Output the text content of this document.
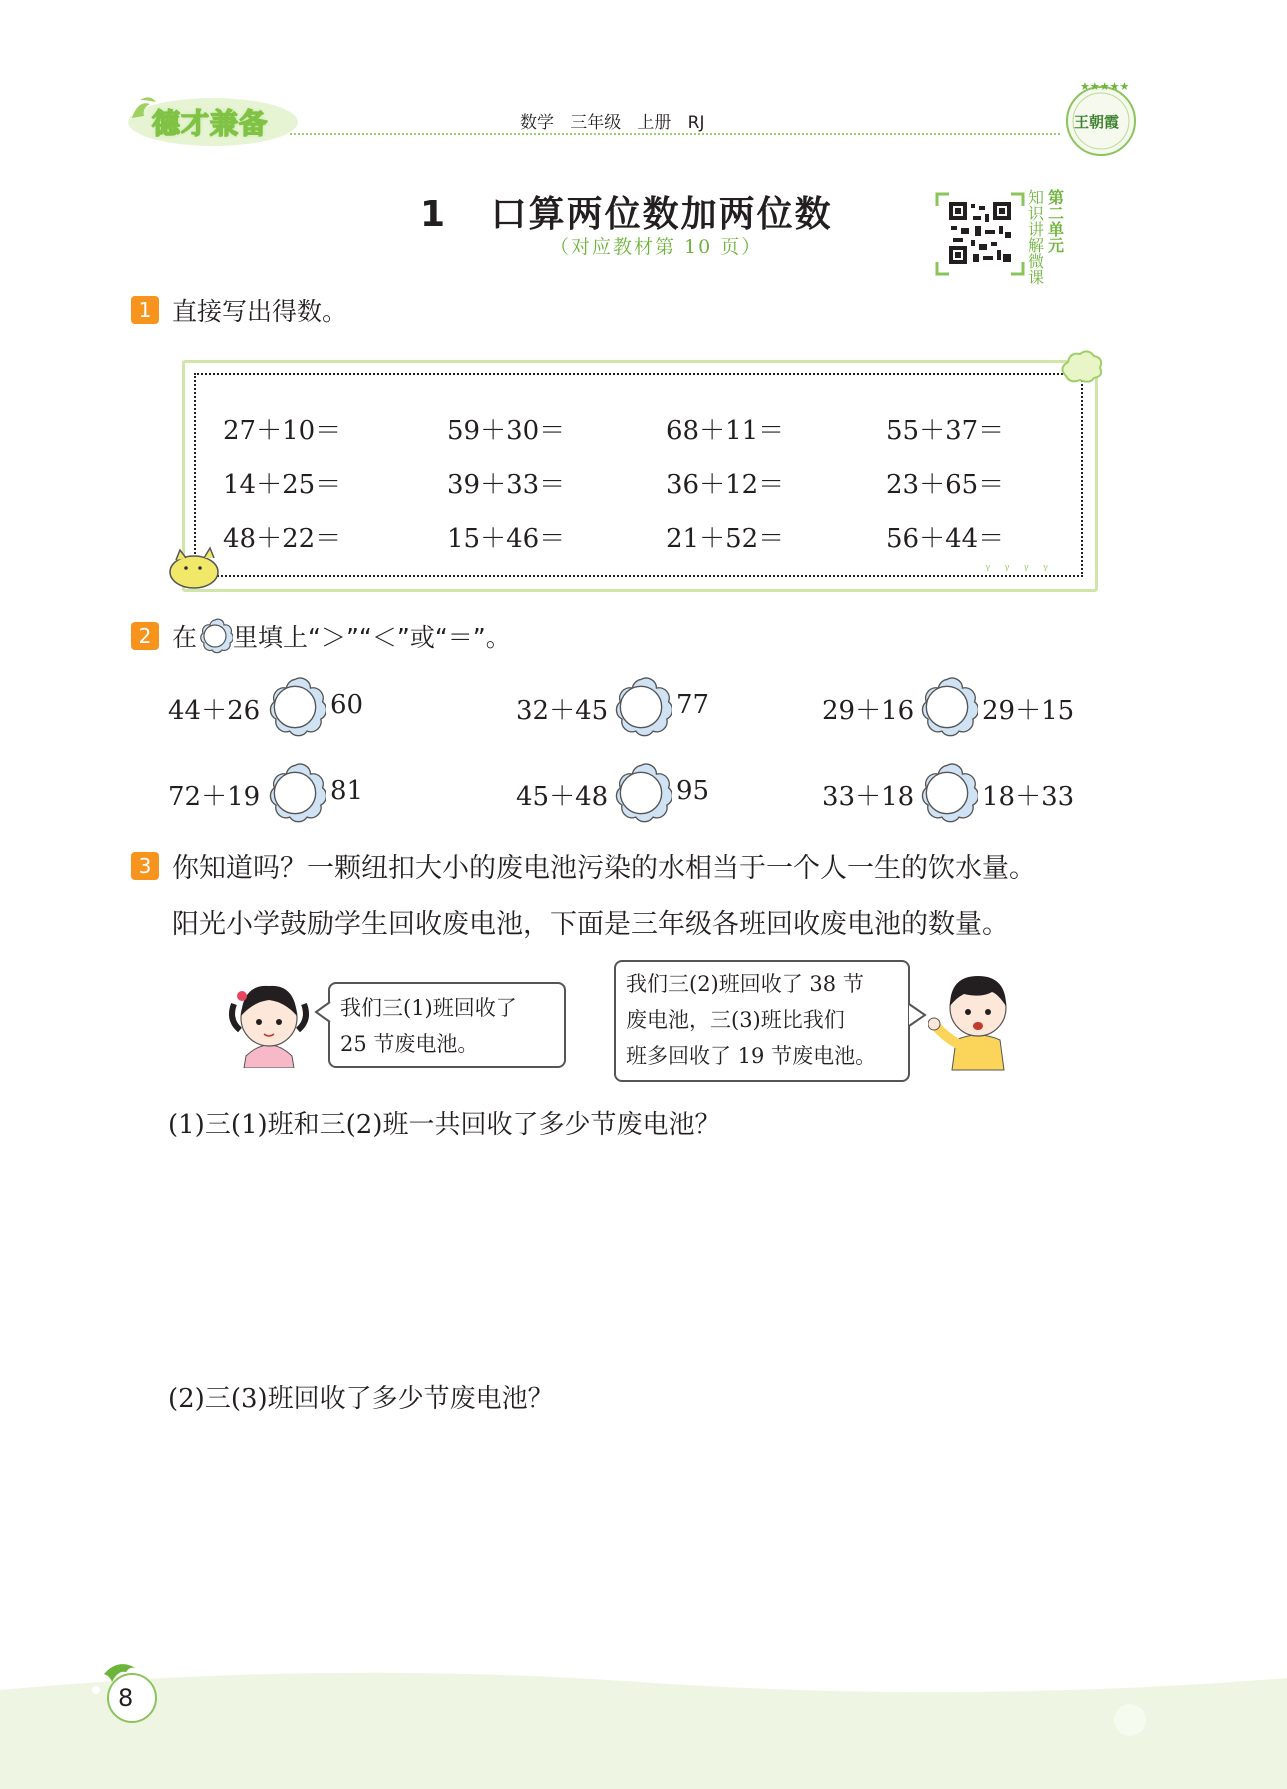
德才兼备	数学   三年级   上册   RJ
★★★★★
王朝霞
1 口算两位数加两位数
（对应教材第 10 页）
知识讲解微课
第二单元
1 直接写出得数。
ᵞᵞᵞᵞ
27＋10＝	59＋30＝	68＋11＝	55＋37＝
14＋25＝	39＋33＝	36＋12＝	23＋65＝
48＋22＝	15＋46＝	21＋52＝	56＋44＝
2 在 里填上“＞”“＜”或“＝”。
44＋26	60	32＋45	77	29＋16	29＋15
72＋19	81	45＋48	95	33＋18	18＋33
3 你知道吗？一颗纽扣大小的废电池污染的水相当于一个人一生的饮水量。
阳光小学鼓励学生回收废电池，下面是三年级各班回收废电池的数量。
我们三(1)班回收了
25 节废电池。
我们三(2)班回收了 38 节
废电池，三(3)班比我们
班多回收了 19 节废电池。
(1)三(1)班和三(2)班一共回收了多少节废电池？
(2)三(3)班回收了多少节废电池？
8
